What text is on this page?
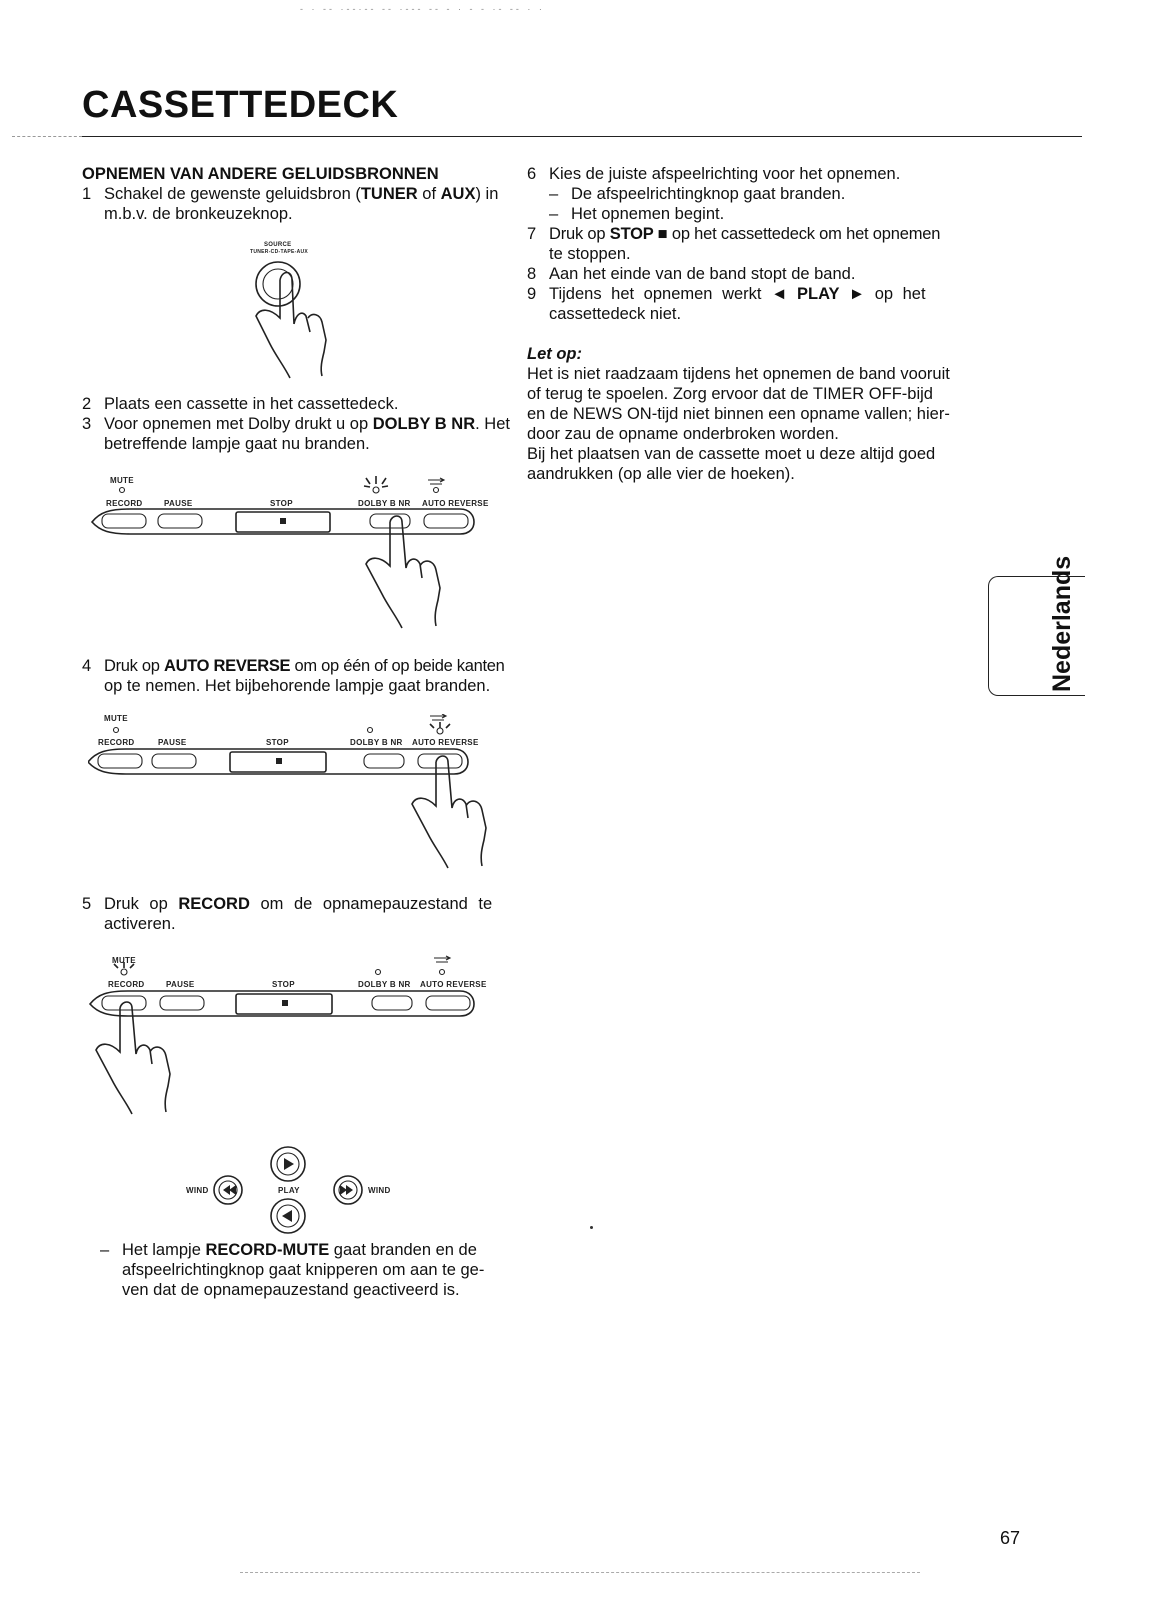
CASSETTEDECK
‐ · ‐‐ ·‐‐·‐‐ ‐‐ ·‐‐‐ ‐‐ ‐ · ‐ ‐ ·‐ ‐‐ · ·
OPNEMEN VAN ANDERE GELUIDSBRONNEN
1 Schakel de gewenste geluidsbron (TUNER of AUX) in
m.b.v. de bronkeuzeknop.
SOURCE
TUNER-CD-TAPE-AUX
2 Plaats een cassette in het cassettedeck.
3 Voor opnemen met Dolby drukt u op DOLBY B NR. Het
betreffende lampje gaat nu branden.
MUTE
RECORD	PAUSE	STOP	DOLBY B NR AUTO REVERSE
4 Druk op AUTO REVERSE om op één of op beide kanten
op te nemen. Het bijbehorende lampje gaat branden.
MUTE
RECORD	PAUSE	STOP	DOLBY B NR AUTO REVERSE
5 Druk op RECORD om de opnamepauzestand te
activeren.
MUTE
RECORD	PAUSE	STOP	DOLBY B NR AUTO REVERSE
WIND	PLAY	WIND
– Het lampje RECORD-MUTE gaat branden en de
afspeelrichtingknop gaat knipperen om aan te ge-
ven dat de opnamepauzestand geactiveerd is.
6 Kies de juiste afspeelrichting voor het opnemen.
– De afspeelrichtingknop gaat branden.
– Het opnemen begint.
7 Druk op STOP ■ op het cassettedeck om het opnemen
te stoppen.
8 Aan het einde van de band stopt de band.
9 Tijdens het opnemen werkt ◄ PLAY ► op het
cassettedeck niet.
Let op:
Het is niet raadzaam tijdens het opnemen de band vooruit
of terug te spoelen. Zorg ervoor dat de TIMER OFF-bijd
en de NEWS ON-tijd niet binnen een opname vallen; hier-
door zau de opname onderbroken worden.
Bij het plaatsen van de cassette moet u deze altijd goed
aandrukken (op alle vier de hoeken).
Nederlands
67
